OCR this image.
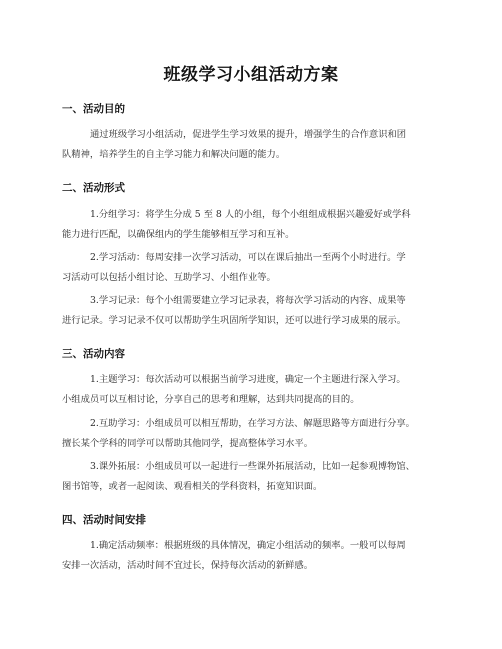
班级学习小组活动方案
一、活动目的
通过班级学习小组活动，促进学生学习效果的提升，增强学生的合作意识和团
队精神，培养学生的自主学习能力和解决问题的能力。
二、活动形式
1.分组学习：将学生分成 5 至 8 人的小组，每个小组组成根据兴趣爱好或学科
能力进行匹配，以确保组内的学生能够相互学习和互补。
2.学习活动：每周安排一次学习活动，可以在课后抽出一至两个小时进行。学
习活动可以包括小组讨论、互助学习、小组作业等。
3.学习记录：每个小组需要建立学习记录表，将每次学习活动的内容、成果等
进行记录。学习记录不仅可以帮助学生巩固所学知识，还可以进行学习成果的展示。
三、活动内容
1.主题学习：每次活动可以根据当前学习进度，确定一个主题进行深入学习。
小组成员可以互相讨论，分享自己的思考和理解，达到共同提高的目的。
2.互助学习：小组成员可以相互帮助，在学习方法、解题思路等方面进行分享。
擅长某个学科的同学可以帮助其他同学，提高整体学习水平。
3.课外拓展：小组成员可以一起进行一些课外拓展活动，比如一起参观博物馆、
图书馆等，或者一起阅读、观看相关的学科资料，拓宽知识面。
四、活动时间安排
1.确定活动频率：根据班级的具体情况，确定小组活动的频率。一般可以每周
安排一次活动，活动时间不宜过长，保持每次活动的新鲜感。
